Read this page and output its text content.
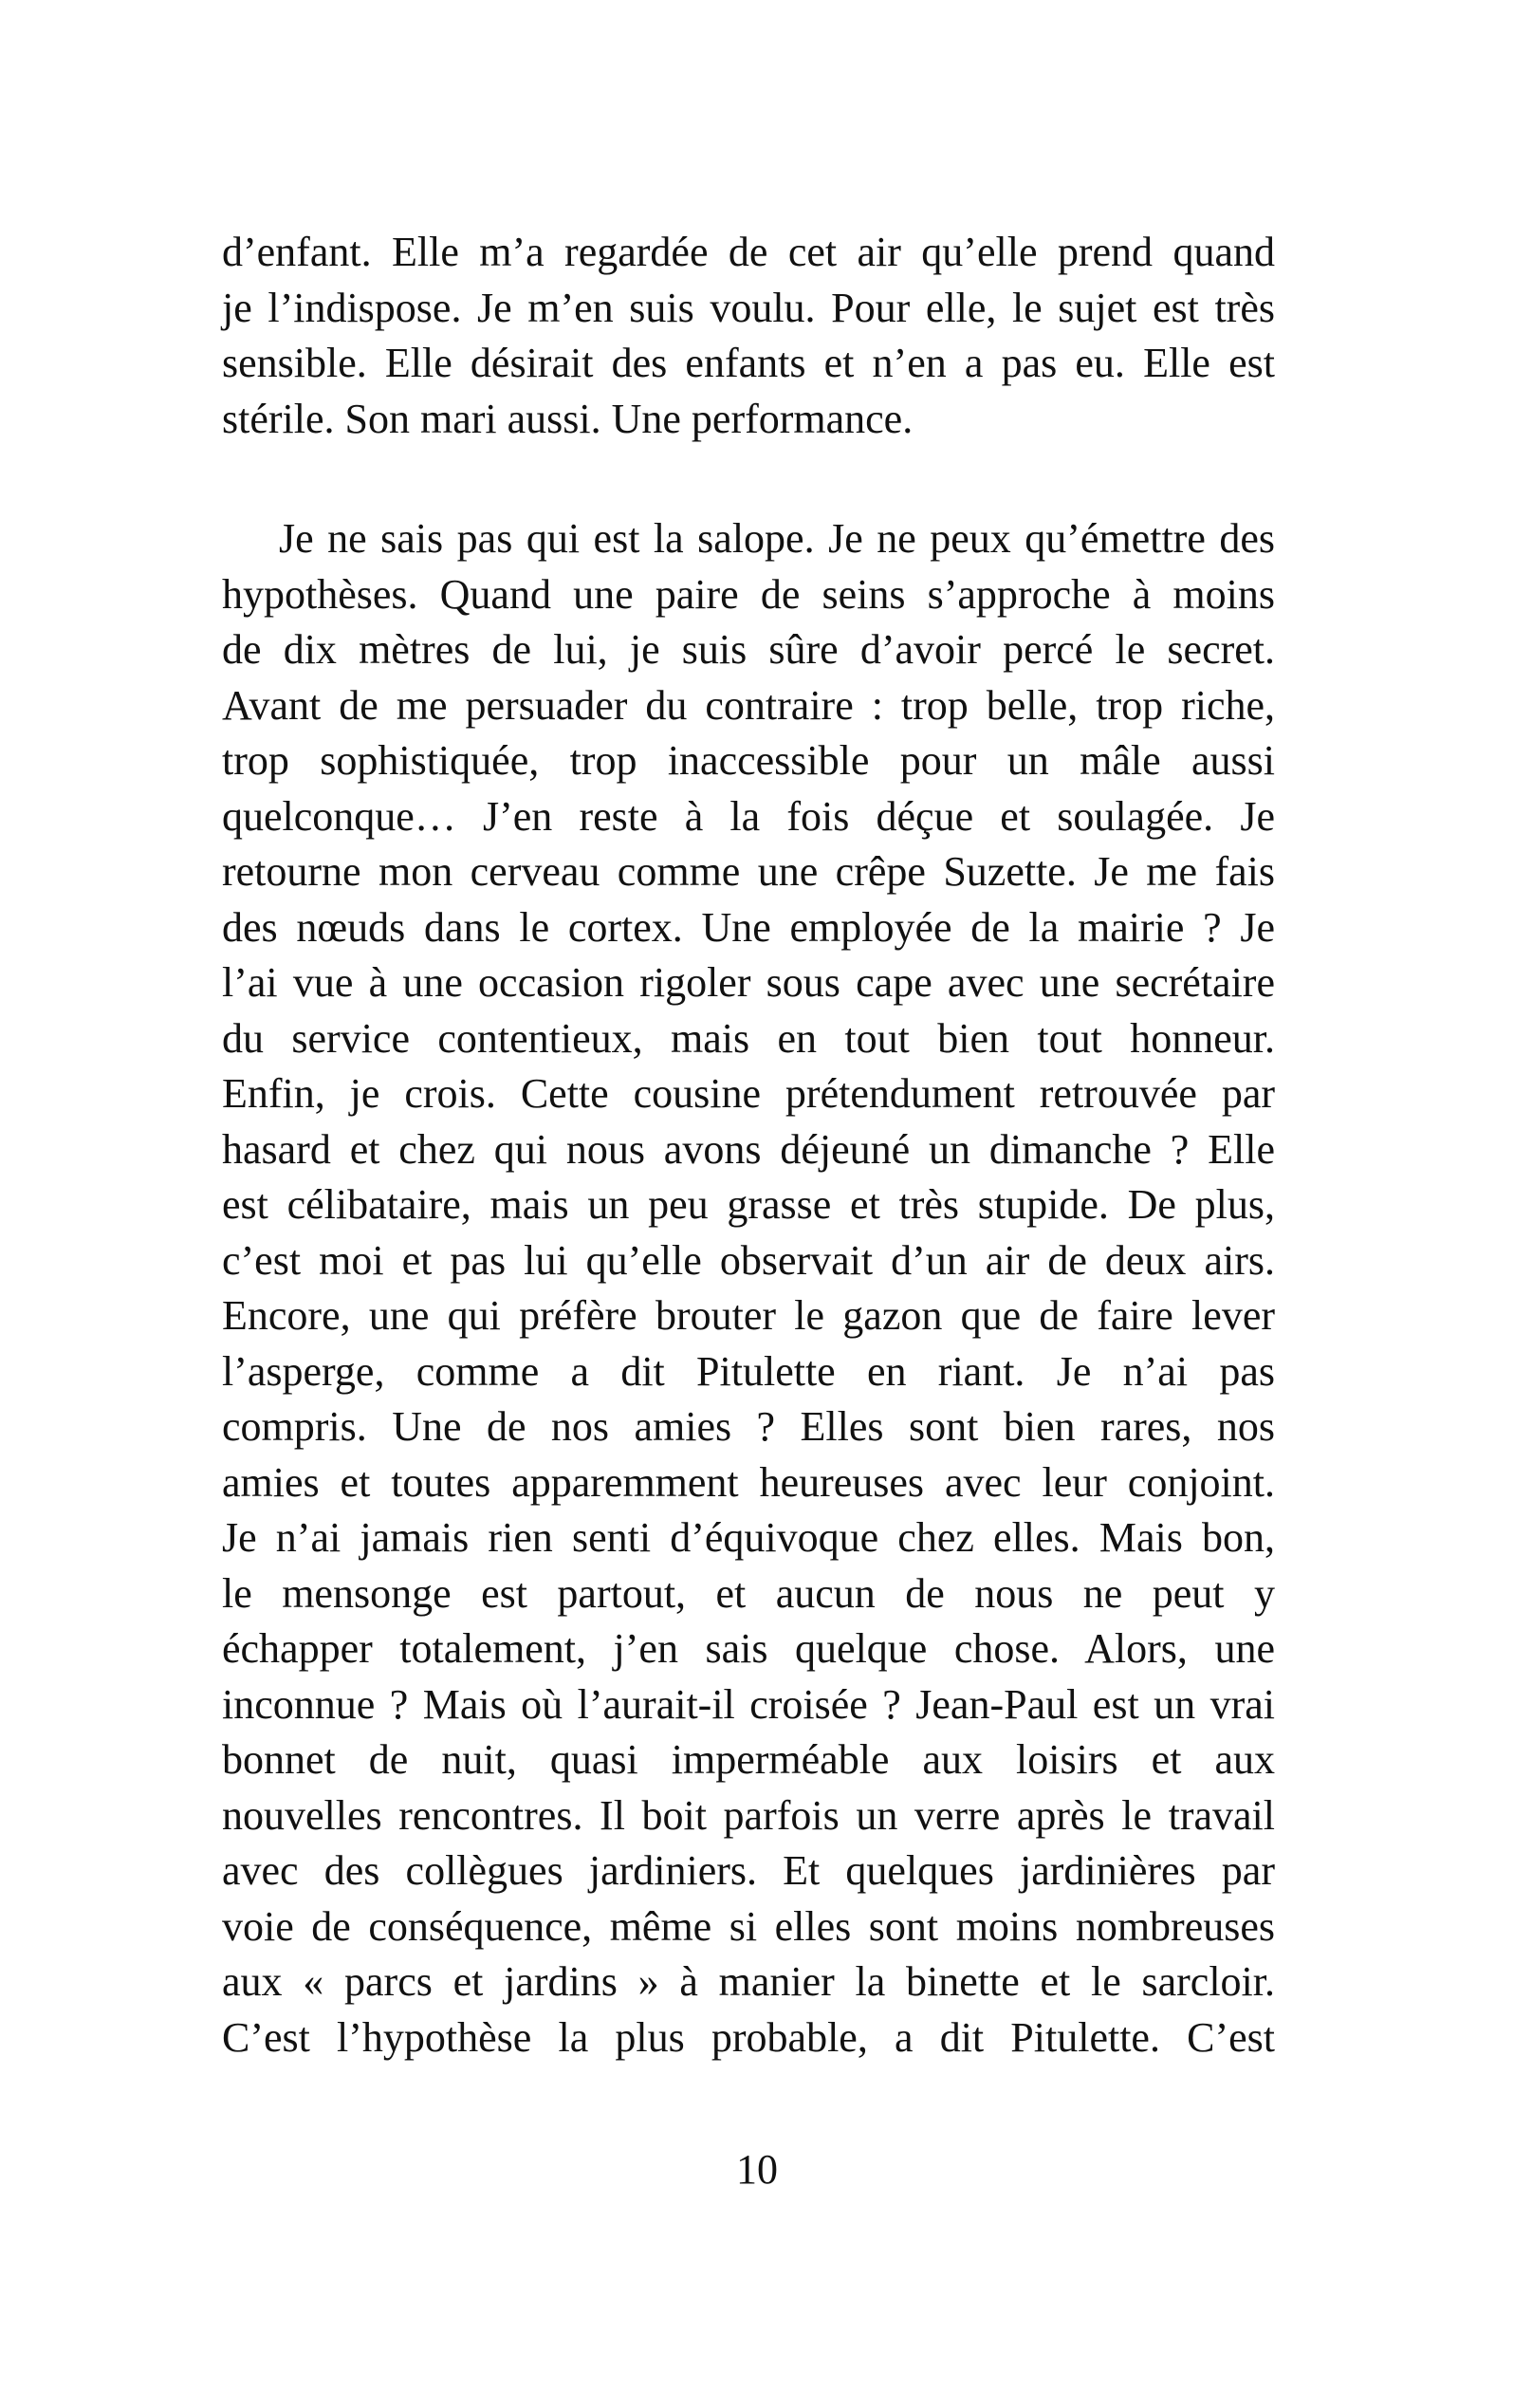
d’enfant. Elle m’a regardée de cet air qu’elle prend quand
je l’indispose. Je m’en suis voulu. Pour elle, le sujet est très
sensible. Elle désirait des enfants et n’en a pas eu. Elle est
stérile. Son mari aussi. Une performance.
Je ne sais pas qui est la salope. Je ne peux qu’émettre des
hypothèses. Quand une paire de seins s’approche à moins
de dix mètres de lui, je suis sûre d’avoir percé le secret.
Avant de me persuader du contraire : trop belle, trop riche,
trop sophistiquée, trop inaccessible pour un mâle aussi
quelconque… J’en reste à la fois déçue et soulagée. Je
retourne mon cerveau comme une crêpe Suzette. Je me fais
des nœuds dans le cortex. Une employée de la mairie ? Je
l’ai vue à une occasion rigoler sous cape avec une secrétaire
du service contentieux, mais en tout bien tout honneur.
Enfin, je crois. Cette cousine prétendument retrouvée par
hasard et chez qui nous avons déjeuné un dimanche ? Elle
est célibataire, mais un peu grasse et très stupide. De plus,
c’est moi et pas lui qu’elle observait d’un air de deux airs.
Encore, une qui préfère brouter le gazon que de faire lever
l’asperge, comme a dit Pitulette en riant. Je n’ai pas
compris. Une de nos amies ? Elles sont bien rares, nos
amies et toutes apparemment heureuses avec leur conjoint.
Je n’ai jamais rien senti d’équivoque chez elles. Mais bon,
le mensonge est partout, et aucun de nous ne peut y
échapper totalement, j’en sais quelque chose. Alors, une
inconnue ? Mais où l’aurait-il croisée ? Jean-Paul est un vrai
bonnet de nuit, quasi imperméable aux loisirs et aux
nouvelles rencontres. Il boit parfois un verre après le travail
avec des collègues jardiniers. Et quelques jardinières par
voie de conséquence, même si elles sont moins nombreuses
aux « parcs et jardins » à manier la binette et le sarcloir.
C’est l’hypothèse la plus probable, a dit Pitulette. C’est
10
